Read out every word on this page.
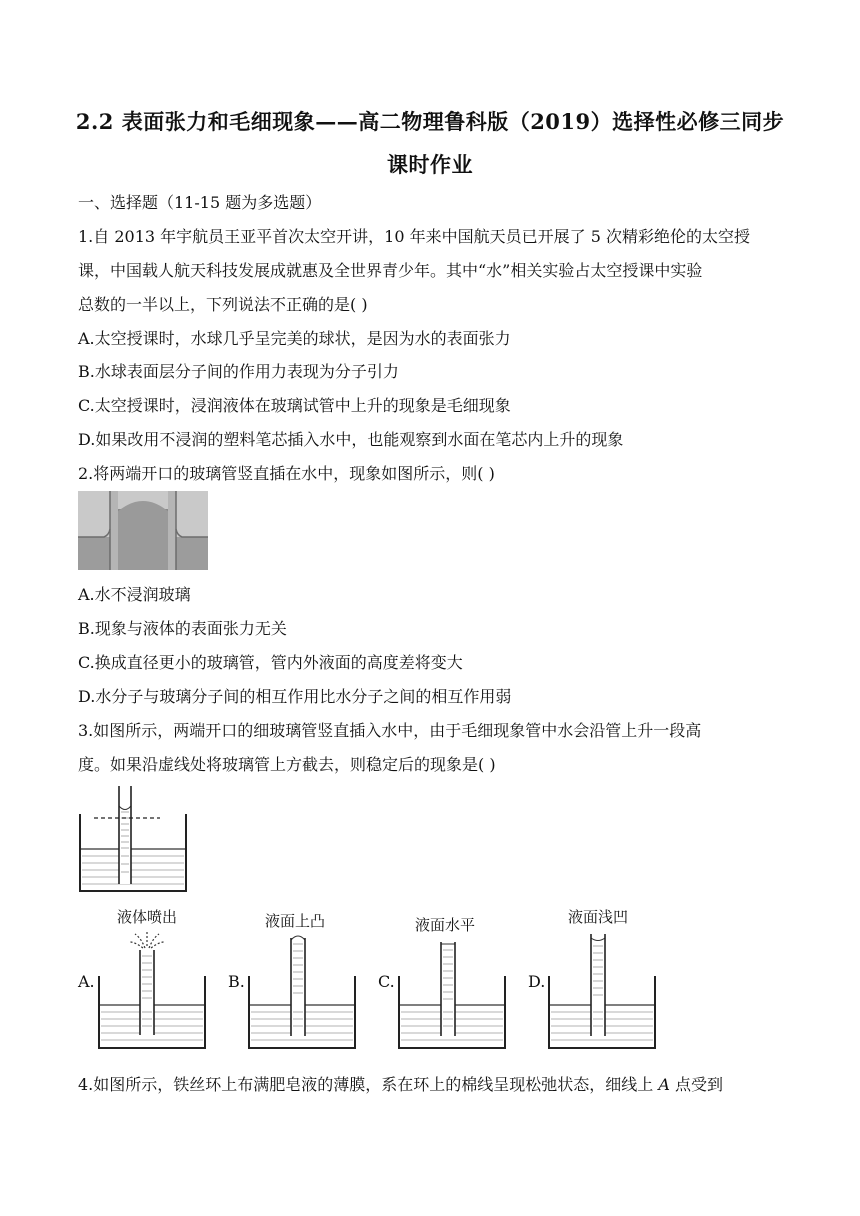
2.2 表面张力和毛细现象——高二物理鲁科版（2019）选择性必修三同步
课时作业
一、选择题（11-15 题为多选题）
1.自 2013 年宇航员王亚平首次太空开讲，10 年来中国航天员已开展了 5 次精彩绝伦的太空授
课，中国载人航天科技发展成就惠及全世界青少年。其中“水”相关实验占太空授课中实验
总数的一半以上，下列说法不正确的是( )
A.太空授课时，水球几乎呈完美的球状，是因为水的表面张力
B.水球表面层分子间的作用力表现为分子引力
C.太空授课时，浸润液体在玻璃试管中上升的现象是毛细现象
D.如果改用不浸润的塑料笔芯插入水中，也能观察到水面在笔芯内上升的现象
2.将两端开口的玻璃管竖直插在水中，现象如图所示，则( )
A.水不浸润玻璃
B.现象与液体的表面张力无关
C.换成直径更小的玻璃管，管内外液面的高度差将变大
D.水分子与玻璃分子间的相互作用比水分子之间的相互作用弱
3.如图所示，两端开口的细玻璃管竖直插入水中，由于毛细现象管中水会沿管上升一段高
度。如果沿虚线处将玻璃管上方截去，则稳定后的现象是( )
液体喷出	液面上凸	液面水平	液面浅凹
A.	B.	C.	D.
4.如图所示，铁丝环上布满肥皂液的薄膜，系在环上的棉线呈现松弛状态，细线上 A 点受到
